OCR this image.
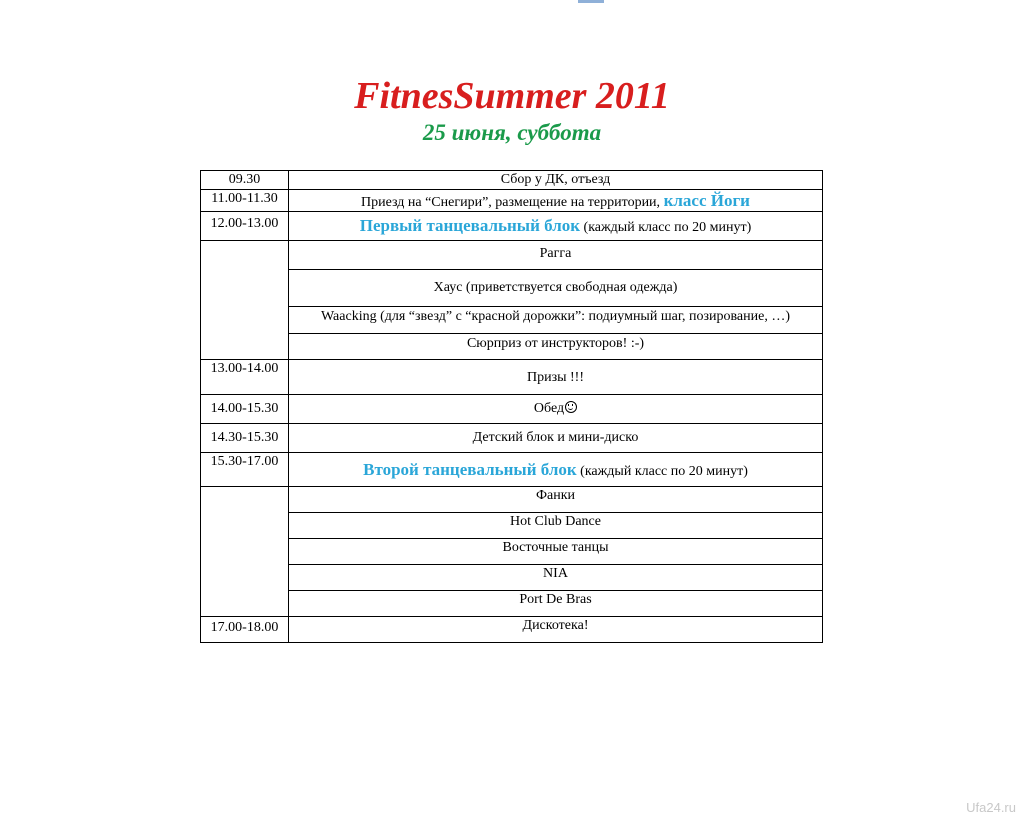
FitnesSummer 2011
25 июня, суббота
09.30	Сбор у ДК, отъезд
11.00-11.30	Приезд на “Снегири”, размещение на территории, класс Йоги
12.00-13.00	Первый танцевальный блок (каждый класс по 20 минут)
	Рагга
	Хаус (приветствуется свободная одежда)
	Waacking (для “звезд” с “красной дорожки”: подиумный шаг, позирование, …)
	Сюрприз от инструкторов! :-)
13.00-14.00	Призы !!!
14.00-15.30	Обед
14.30-15.30	Детский блок и мини-диско
15.30-17.00	Второй танцевальный блок (каждый класс по 20 минут)
	Фанки
	Hot Club Dance
	Восточные танцы
	NIA
	Port De Bras
17.00-18.00	Дискотека!
Ufa24.ru
